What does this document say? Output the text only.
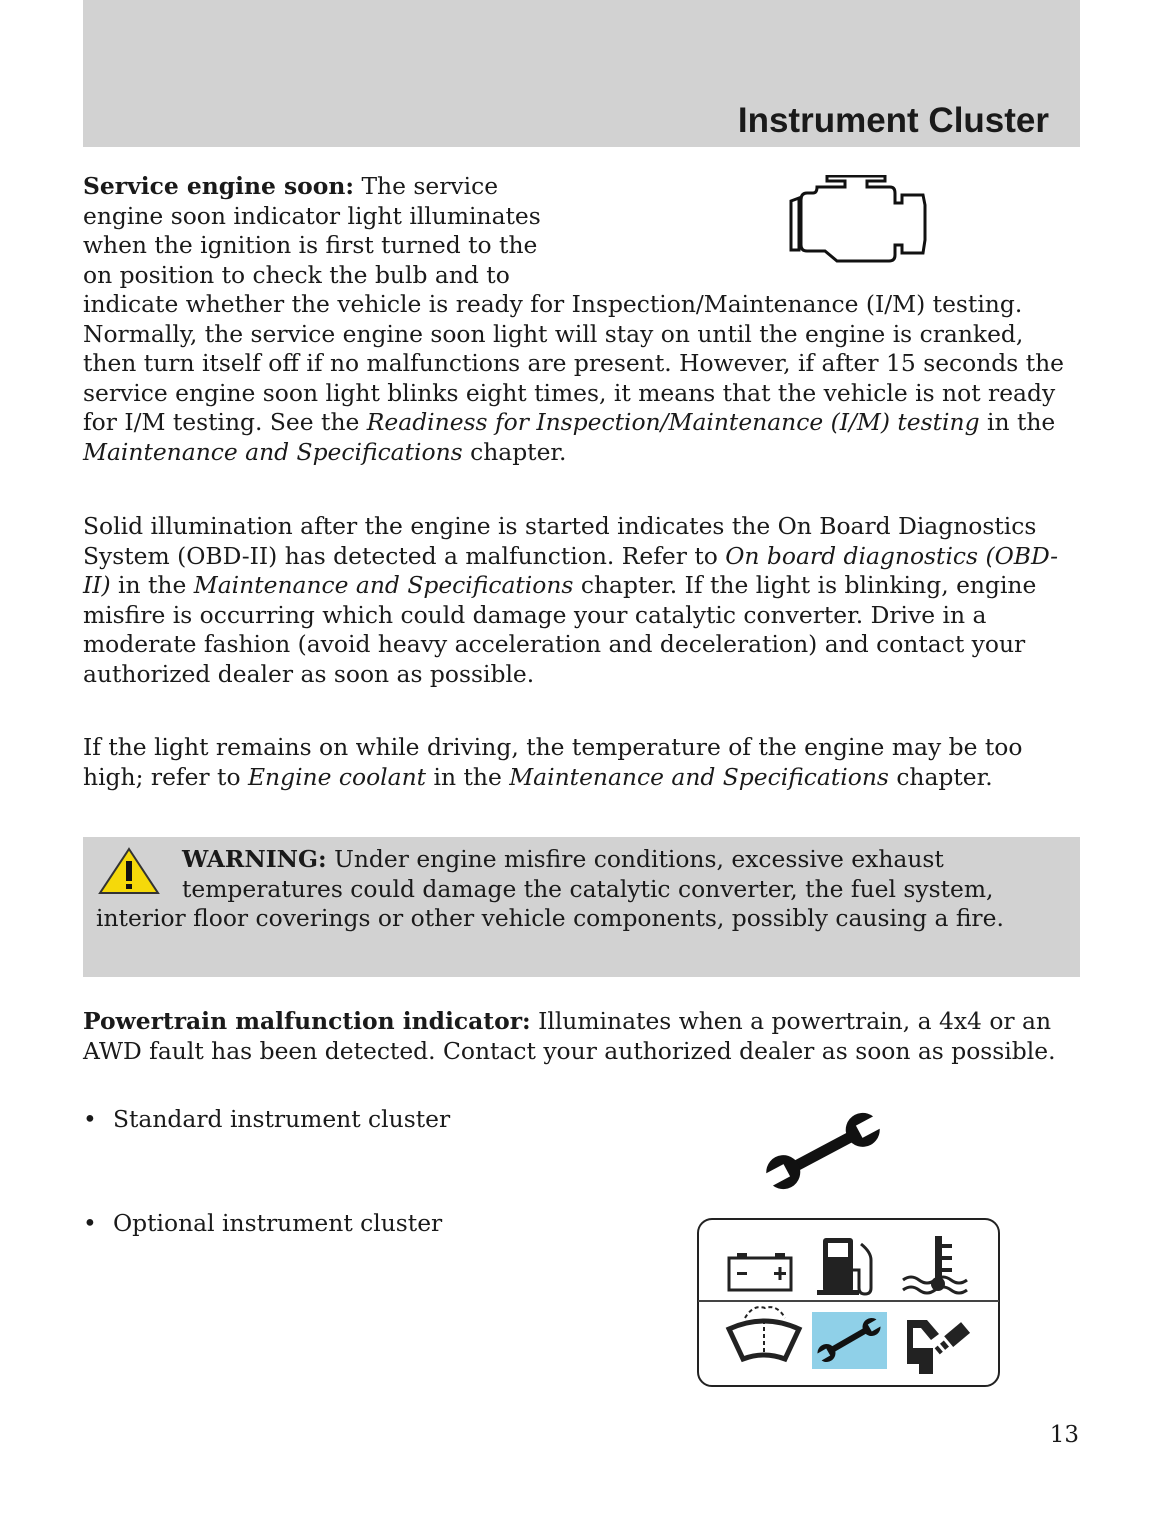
Instrument Cluster

Service engine soon: The service engine soon indicator light illuminates when the ignition is first turned to the on position to check the bulb and to indicate whether the vehicle is ready for Inspection/Maintenance (I/M) testing. Normally, the service engine soon light will stay on until the engine is cranked, then turn itself off if no malfunctions are present. However, if after 15 seconds the service engine soon light blinks eight times, it means that the vehicle is not ready for I/M testing. See the Readiness for Inspection/Maintenance (I/M) testing in the Maintenance and Specifications chapter.

Solid illumination after the engine is started indicates the On Board Diagnostics System (OBD-II) has detected a malfunction. Refer to On board diagnostics (OBD-II) in the Maintenance and Specifications chapter. If the light is blinking, engine misfire is occurring which could damage your catalytic converter. Drive in a moderate fashion (avoid heavy acceleration and deceleration) and contact your authorized dealer as soon as possible.

If the light remains on while driving, the temperature of the engine may be too high; refer to Engine coolant in the Maintenance and Specifications chapter.

WARNING: Under engine misfire conditions, excessive exhaust temperatures could damage the catalytic converter, the fuel system, interior floor coverings or other vehicle components, possibly causing a fire.

Powertrain malfunction indicator: Illuminates when a powertrain, a 4x4 or an AWD fault has been detected. Contact your authorized dealer as soon as possible.

• Standard instrument cluster
• Optional instrument cluster
13
